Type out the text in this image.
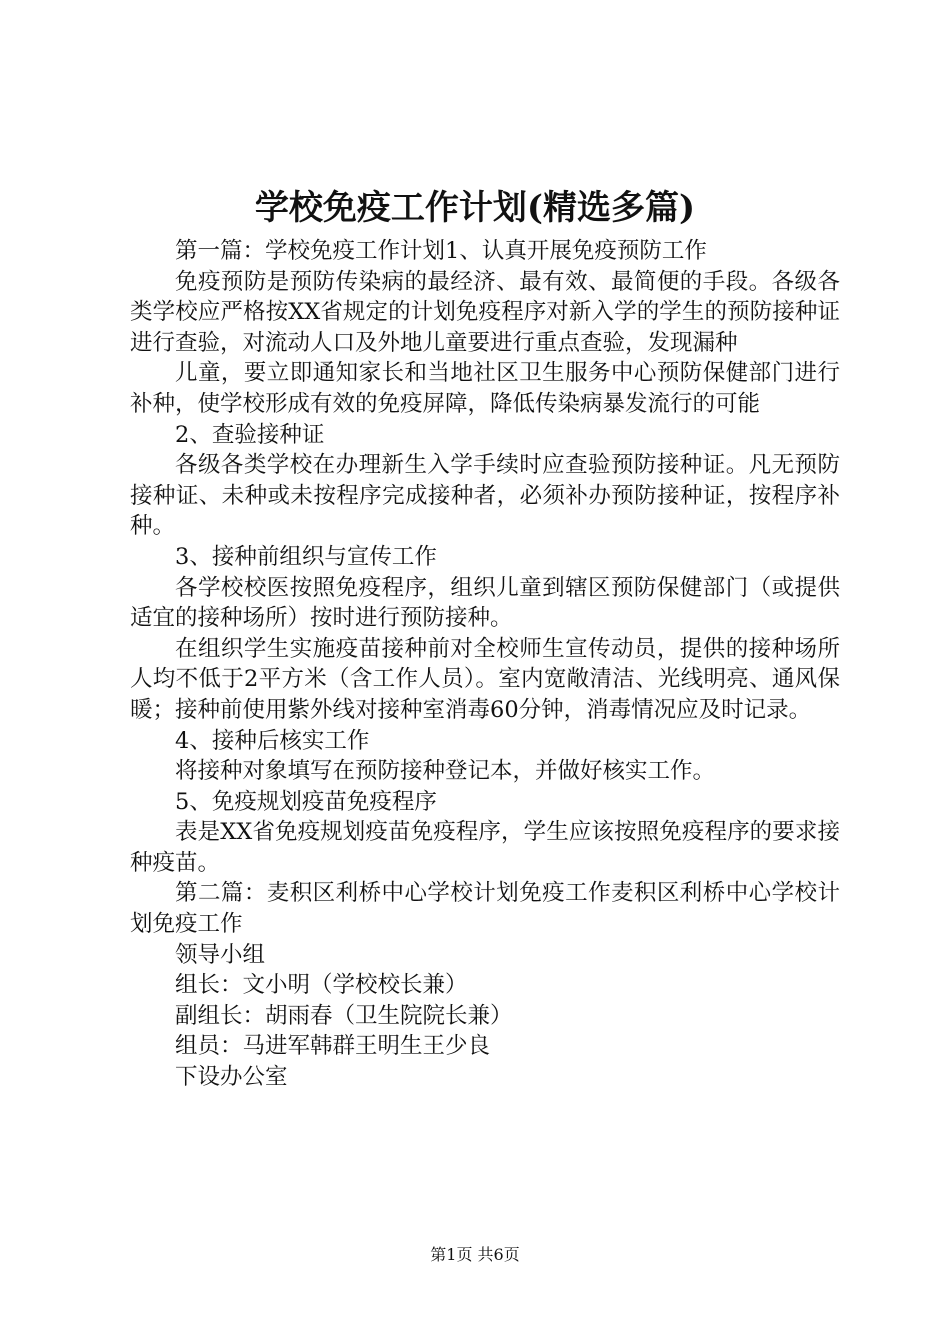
学校免疫工作计划(精选多篇)

第一篇：学校免疫工作计划1、认真开展免疫预防工作

免疫预防是预防传染病的最经济、最有效、最简便的手段。各级各类学校应严格按XX省规定的计划免疫程序对新入学的学生的预防接种证进行查验，对流动人口及外地儿童要进行重点查验，发现漏种

儿童，要立即通知家长和当地社区卫生服务中心预防保健部门进行补种，使学校形成有效的免疫屏障，降低传染病暴发流行的可能

2、查验接种证

各级各类学校在办理新生入学手续时应查验预防接种证。凡无预防接种证、未种或未按程序完成接种者，必须补办预防接种证，按程序补种。

3、接种前组织与宣传工作

各学校校医按照免疫程序，组织儿童到辖区预防保健部门（或提供适宜的接种场所）按时进行预防接种。

在组织学生实施疫苗接种前对全校师生宣传动员，提供的接种场所人均不低于2平方米（含工作人员）。室内宽敞清洁、光线明亮、通风保暖；接种前使用紫外线对接种室消毒60分钟，消毒情况应及时记录。

4、接种后核实工作

将接种对象填写在预防接种登记本，并做好核实工作。

5、免疫规划疫苗免疫程序

表是XX省免疫规划疫苗免疫程序，学生应该按照免疫程序的要求接种疫苗。

第二篇：麦积区利桥中心学校计划免疫工作麦积区利桥中心学校计划免疫工作

领导小组

组长：文小明（学校校长兼）

副组长：胡雨春（卫生院院长兼）

组员：马进军韩群王明生王少良

下设办公室

第1页 共6页
